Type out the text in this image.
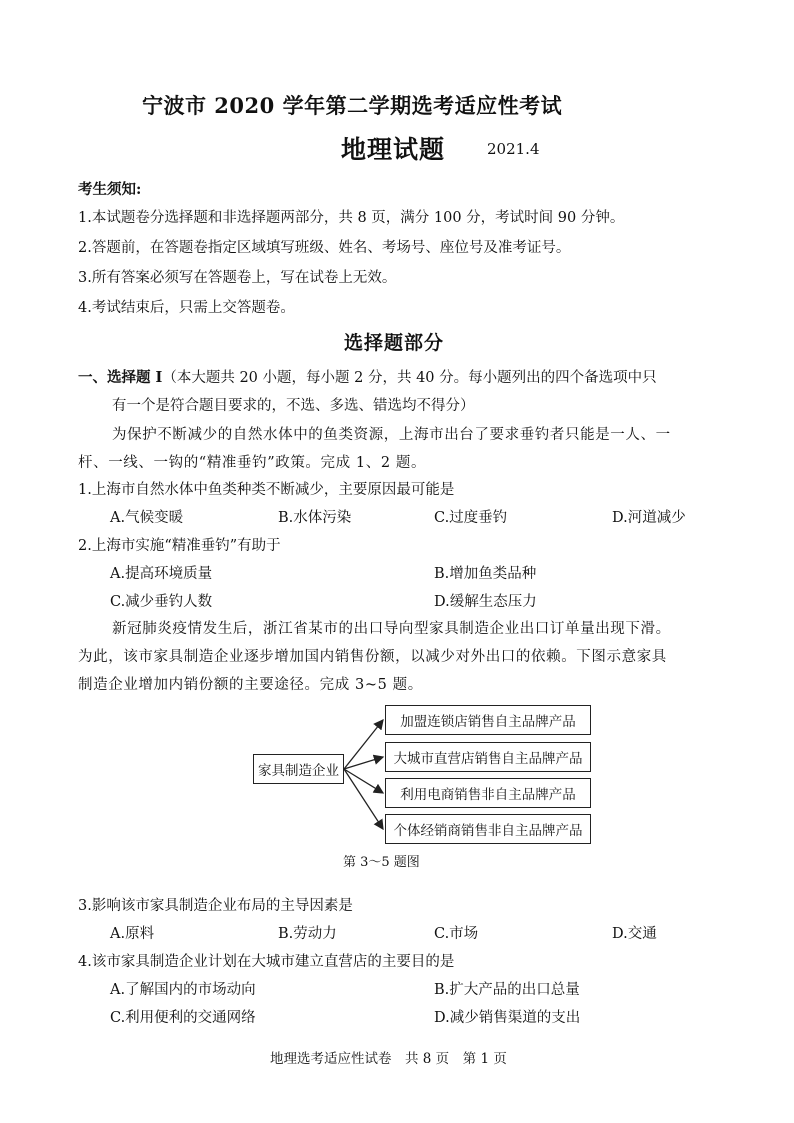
宁波市 2020 学年第二学期选考适应性考试
地理试题	2021.4
考生须知:
1.本试题卷分选择题和非选择题两部分，共 8 页，满分 100 分，考试时间 90 分钟。
2.答题前，在答题卷指定区域填写班级、姓名、考场号、座位号及准考证号。
3.所有答案必须写在答题卷上，写在试卷上无效。
4.考试结束后，只需上交答题卷。
选择题部分
一、选择题 I（本大题共 20 小题，每小题 2 分，共 40 分。每小题列出的四个备选项中只
有一个是符合题目要求的，不选、多选、错选均不得分）
为保护不断减少的自然水体中的鱼类资源，上海市出台了要求垂钓者只能是一人、一
杆、一线、一钩的“精准垂钓”政策。完成 1、2 题。
1.上海市自然水体中鱼类种类不断减少，主要原因最可能是
A.气候变暖	B.水体污染	C.过度垂钓	D.河道减少
2.上海市实施“精准垂钓”有助于
A.提高环境质量	B.增加鱼类品种
C.减少垂钓人数	D.缓解生态压力
新冠肺炎疫情发生后，浙江省某市的出口导向型家具制造企业出口订单量出现下滑。
为此，该市家具制造企业逐步增加国内销售份额，以减少对外出口的依赖。下图示意家具
制造企业增加内销份额的主要途径。完成 3~5 题。
家具制造企业
加盟连锁店销售自主品牌产品
大城市直营店销售自主品牌产品
利用电商销售非自主品牌产品
个体经销商销售非自主品牌产品
第 3～5 题图
3.影响该市家具制造企业布局的主导因素是
A.原料	B.劳动力	C.市场	D.交通
4.该市家具制造企业计划在大城市建立直营店的主要目的是
A.了解国内的市场动向	B.扩大产品的出口总量
C.利用便利的交通网络	D.减少销售渠道的支出
地理选考适应性试卷　共 8 页　第 1 页
